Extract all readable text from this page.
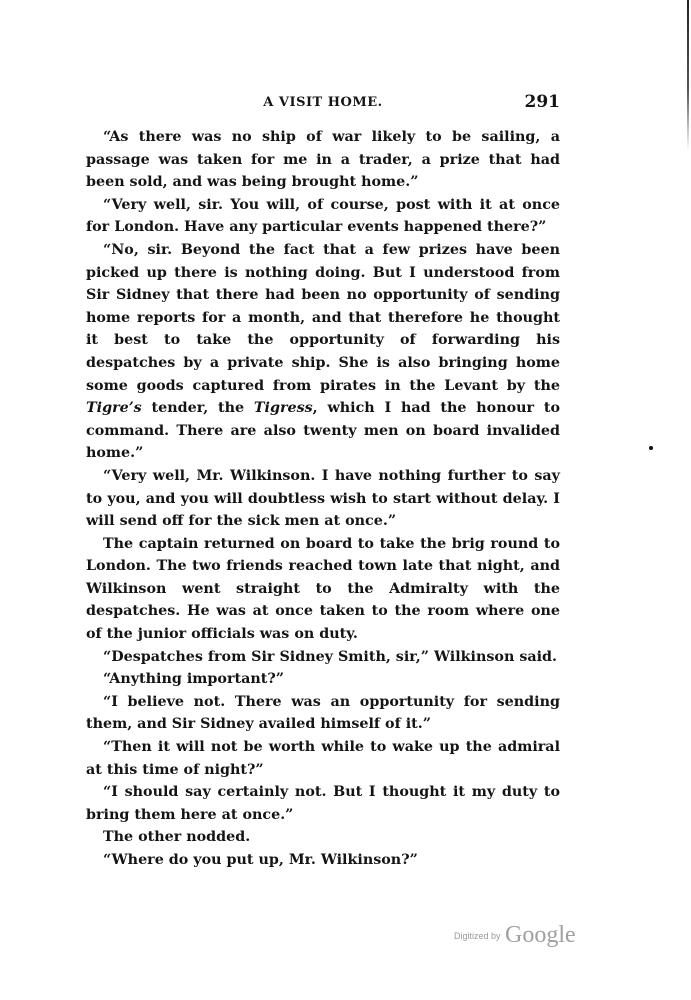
A VISIT HOME.	291

“As there was no ship of war likely to be sailing, a passage was taken for me in a trader, a prize that had been sold, and was being brought home.”

“Very well, sir. You will, of course, post with it at once for London. Have any particular events happened there?”

“No, sir. Beyond the fact that a few prizes have been picked up there is nothing doing. But I understood from Sir Sidney that there had been no opportunity of sending home reports for a month, and that therefore he thought it best to take the opportunity of forwarding his despatches by a private ship. She is also bringing home some goods captured from pirates in the Levant by the Tigre’s tender, the Tigress, which I had the honour to command. There are also twenty men on board invalided home.”

“Very well, Mr. Wilkinson. I have nothing further to say to you, and you will doubtless wish to start without delay. I will send off for the sick men at once.”

The captain returned on board to take the brig round to London. The two friends reached town late that night, and Wilkinson went straight to the Admiralty with the despatches. He was at once taken to the room where one of the junior officials was on duty.

“Despatches from Sir Sidney Smith, sir,” Wilkinson said.

“Anything important?”

“I believe not. There was an opportunity for sending them, and Sir Sidney availed himself of it.”

“Then it will not be worth while to wake up the admiral at this time of night?”

“I should say certainly not. But I thought it my duty to bring them here at once.”

The other nodded.

“Where do you put up, Mr. Wilkinson?”

Digitized by Google
